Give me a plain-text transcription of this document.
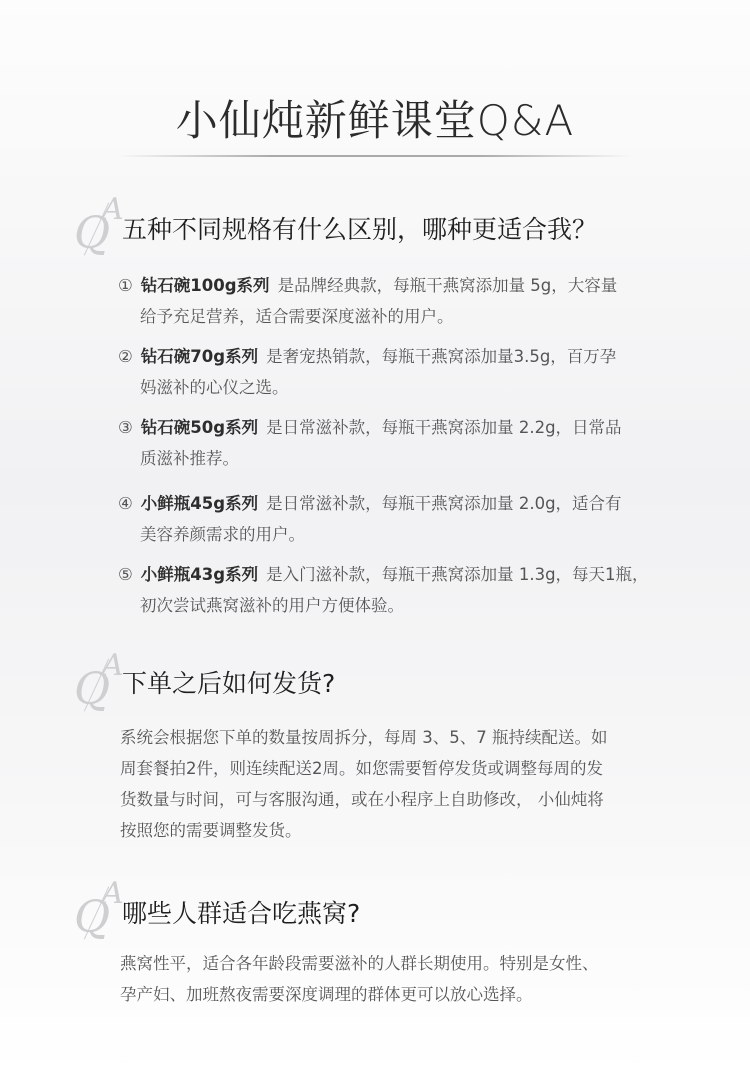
小仙炖新鲜课堂Q&A
Q
A
五种不同规格有什么区别，哪种更适合我？
① 钻石碗100g系列 是品牌经典款，每瓶干燕窝添加量 5g，大容量
给予充足营养，适合需要深度滋补的用户。
② 钻石碗70g系列 是奢宠热销款，每瓶干燕窝添加量3.5g，百万孕
妈滋补的心仪之选。
③ 钻石碗50g系列 是日常滋补款，每瓶干燕窝添加量 2.2g，日常品
质滋补推荐。
④ 小鲜瓶45g系列 是日常滋补款，每瓶干燕窝添加量 2.0g，适合有
美容养颜需求的用户。
⑤ 小鲜瓶43g系列 是入门滋补款，每瓶干燕窝添加量 1.3g，每天1瓶，
初次尝试燕窝滋补的用户方便体验。
Q
A
下单之后如何发货?
系统会根据您下单的数量按周拆分，每周 3、5、7 瓶持续配送。如
周套餐拍2件，则连续配送2周。如您需要暂停发货或调整每周的发
货数量与时间，可与客服沟通，或在小程序上自助修改， 小仙炖将
按照您的需要调整发货。
Q
A
哪些人群适合吃燕窝?
燕窝性平，适合各年龄段需要滋补的人群长期使用。特别是女性、
孕产妇、加班熬夜需要深度调理的群体更可以放心选择。
